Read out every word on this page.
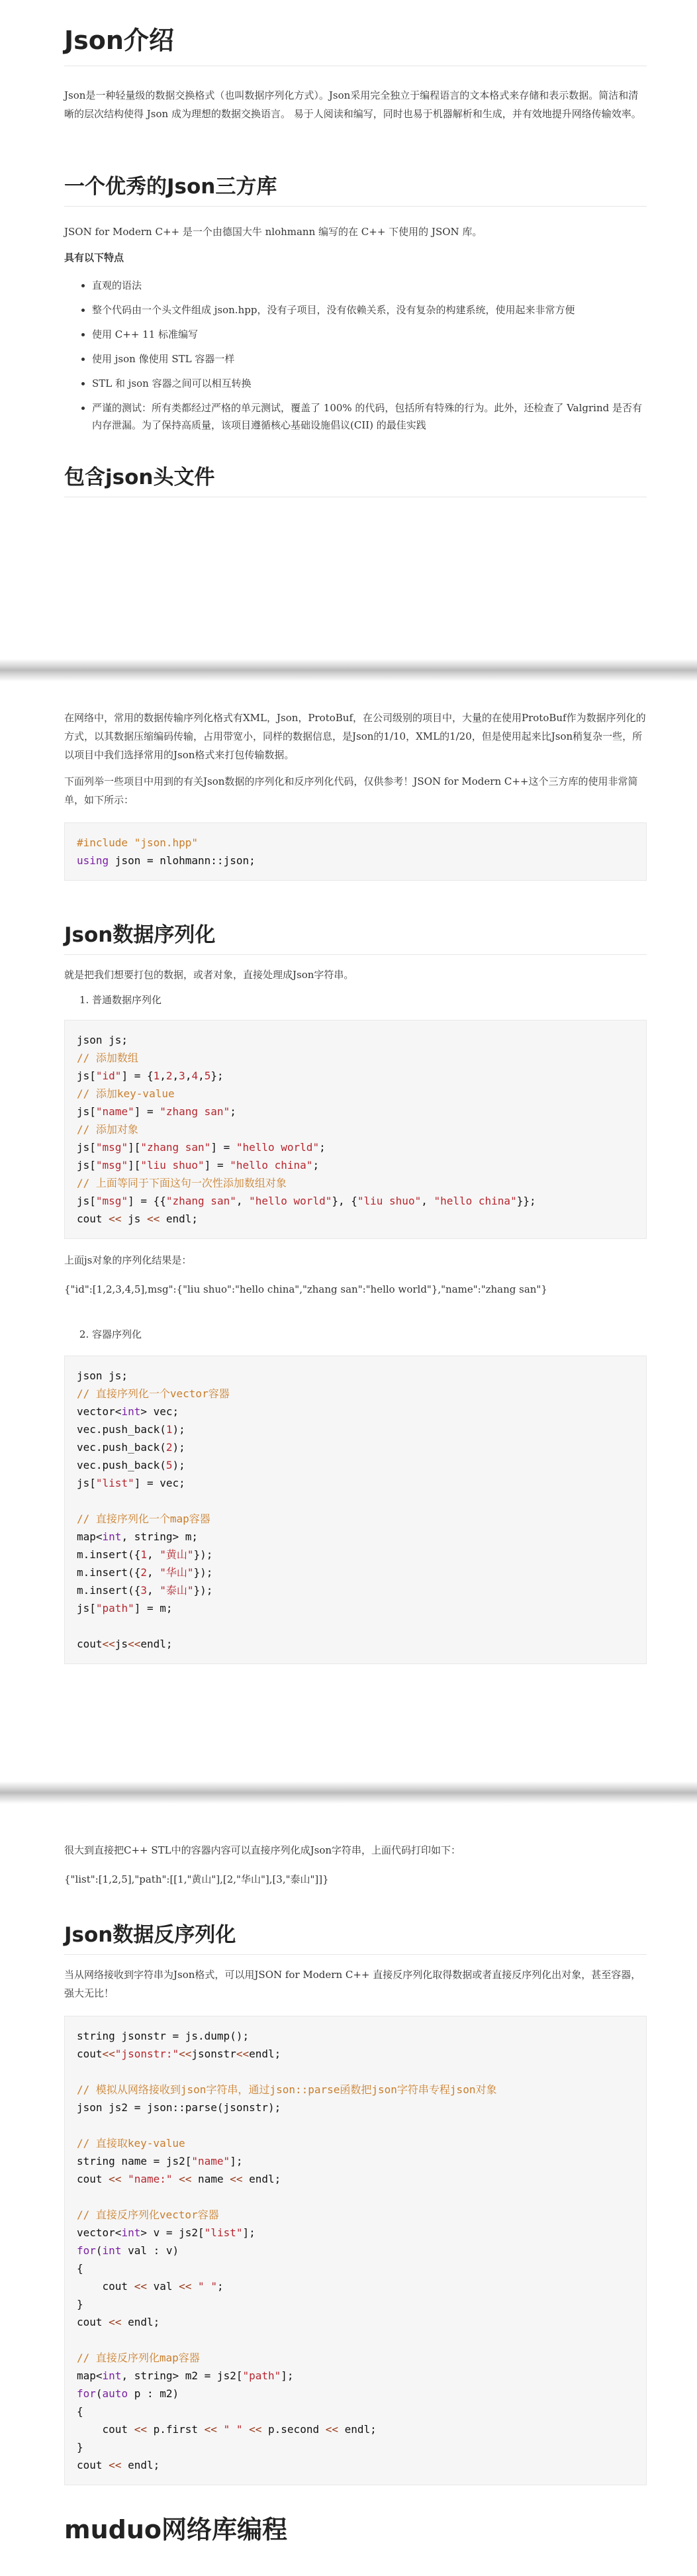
Json介绍

Json是一种轻量级的数据交换格式（也叫数据序列化方式）。Json采用完全独立于编程语言的文本格式来存储和表示数据。简洁和清晰的层次结构使得 Json 成为理想的数据交换语言。 易于人阅读和编写，同时也易于机器解析和生成，并有效地提升网络传输效率。

一个优秀的Json三方库

JSON for Modern C++ 是一个由德国大牛 nlohmann 编写的在 C++ 下使用的 JSON 库。

具有以下特点
• 直观的语法
• 整个代码由一个头文件组成 json.hpp，没有子项目，没有依赖关系，没有复杂的构建系统，使用起来非常方便
• 使用 C++ 11 标准编写
• 使用 json 像使用 STL 容器一样
• STL 和 json 容器之间可以相互转换
• 严谨的测试：所有类都经过严格的单元测试，覆盖了 100% 的代码，包括所有特殊的行为。此外，还检查了 Valgrind 是否有内存泄漏。为了保持高质量，该项目遵循核心基础设施倡议(CII) 的最佳实践
包含json头文件

在网络中，常用的数据传输序列化格式有XML，Json，ProtoBuf，在公司级别的项目中，大量的在使用ProtoBuf作为数据序列化的方式，以其数据压缩编码传输，占用带宽小，同样的数据信息，是Json的1/10，XML的1/20，但是使用起来比Json稍复杂一些，所以项目中我们选择常用的Json格式来打包传输数据。

下面列举一些项目中用到的有关Json数据的序列化和反序列化代码，仅供参考！JSON for Modern C++这个三方库的使用非常简单，如下所示：

#include "json.hpp"
using json = nlohmann::json;
Json数据序列化

就是把我们想要打包的数据，或者对象，直接处理成Json字符串。

1. 普通数据序列化
json js;
// 添加数组
js["id"] = {1,2,3,4,5};
// 添加key-value
js["name"] = "zhang san";
// 添加对象
js["msg"]["zhang san"] = "hello world";
js["msg"]["liu shuo"] = "hello china";
// 上面等同于下面这句一次性添加数组对象
js["msg"] = {{"zhang san", "hello world"}, {"liu shuo", "hello china"}};
cout << js << endl;

上面js对象的序列化结果是：

{"id":[1,2,3,4,5],msg":{"liu shuo":"hello china","zhang san":"hello world"},"name":"zhang san"}

2. 容器序列化
json js;
// 直接序列化一个vector容器
vector<int> vec;
vec.push_back(1);
vec.push_back(2);
vec.push_back(5);
js["list"] = vec;

// 直接序列化一个map容器
map<int, string> m;
m.insert({1, "黄山"});
m.insert({2, "华山"});
m.insert({3, "泰山"});
js["path"] = m;

cout<<js<<endl;

很大到直接把C++ STL中的容器内容可以直接序列化成Json字符串，上面代码打印如下：

{"list":[1,2,5],"path":[[1,"黄山"],[2,"华山"],[3,"泰山"]]}

Json数据反序列化

当从网络接收到字符串为Json格式，可以用JSON for Modern C++ 直接反序列化取得数据或者直接反序列化出对象，甚至容器，强大无比！

string jsonstr = js.dump();
cout<<"jsonstr:"<<jsonstr<<endl;

// 模拟从网络接收到json字符串，通过json::parse函数把json字符串专程json对象
json js2 = json::parse(jsonstr);

// 直接取key-value
string name = js2["name"];
cout << "name:" << name << endl;

// 直接反序列化vector容器
vector<int> v = js2["list"];
for(int val : v)
{
cout << val << " ";
}
cout << endl;

// 直接反序列化map容器
map<int, string> m2 = js2["path"];
for(auto p : m2)
{
cout << p.first << " " << p.second << endl;
}
cout << endl;
muduo网络库编程
